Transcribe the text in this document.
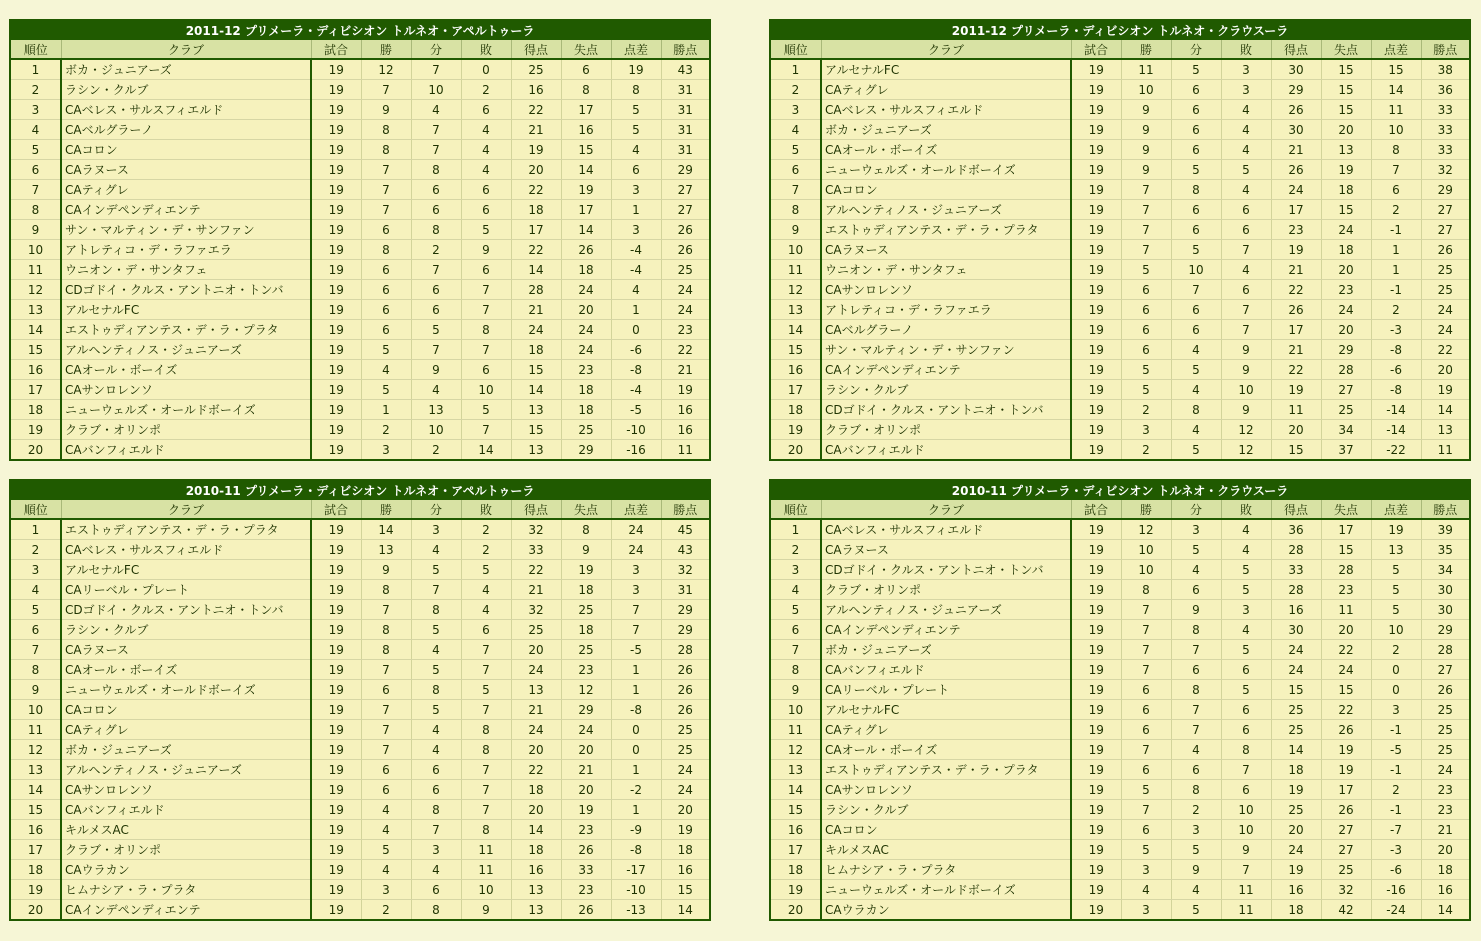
2011-12 プリメーラ・ディビシオン トルネオ・アペルトゥーラ									
順位	クラブ	試合	勝	分	敗	得点	失点	点差	勝点
1	ボカ・ジュニアーズ	19	12	7	0	25	6	19	43
2	ラシン・クルブ	19	7	10	2	16	8	8	31
3	CAベレス・サルスフィエルド	19	9	4	6	22	17	5	31
4	CAベルグラーノ	19	8	7	4	21	16	5	31
5	CAコロン	19	8	7	4	19	15	4	31
6	CAラヌース	19	7	8	4	20	14	6	29
7	CAティグレ	19	7	6	6	22	19	3	27
8	CAインデペンディエンテ	19	7	6	6	18	17	1	27
9	サン・マルティン・デ・サンファン	19	6	8	5	17	14	3	26
10	アトレティコ・デ・ラファエラ	19	8	2	9	22	26	-4	26
11	ウニオン・デ・サンタフェ	19	6	7	6	14	18	-4	25
12	CDゴドイ・クルス・アントニオ・トンバ	19	6	6	7	28	24	4	24
13	アルセナルFC	19	6	6	7	21	20	1	24
14	エストゥディアンテス・デ・ラ・プラタ	19	6	5	8	24	24	0	23
15	アルヘンティノス・ジュニアーズ	19	5	7	7	18	24	-6	22
16	CAオール・ボーイズ	19	4	9	6	15	23	-8	21
17	CAサンロレンソ	19	5	4	10	14	18	-4	19
18	ニューウェルズ・オールドボーイズ	19	1	13	5	13	18	-5	16
19	クラブ・オリンポ	19	2	10	7	15	25	-10	16
20	CAバンフィエルド	19	3	2	14	13	29	-16	11
2011-12 プリメーラ・ディビシオン トルネオ・クラウスーラ									
順位	クラブ	試合	勝	分	敗	得点	失点	点差	勝点
1	アルセナルFC	19	11	5	3	30	15	15	38
2	CAティグレ	19	10	6	3	29	15	14	36
3	CAベレス・サルスフィエルド	19	9	6	4	26	15	11	33
4	ボカ・ジュニアーズ	19	9	6	4	30	20	10	33
5	CAオール・ボーイズ	19	9	6	4	21	13	8	33
6	ニューウェルズ・オールドボーイズ	19	9	5	5	26	19	7	32
7	CAコロン	19	7	8	4	24	18	6	29
8	アルヘンティノス・ジュニアーズ	19	7	6	6	17	15	2	27
9	エストゥディアンテス・デ・ラ・プラタ	19	7	6	6	23	24	-1	27
10	CAラヌース	19	7	5	7	19	18	1	26
11	ウニオン・デ・サンタフェ	19	5	10	4	21	20	1	25
12	CAサンロレンソ	19	6	7	6	22	23	-1	25
13	アトレティコ・デ・ラファエラ	19	6	6	7	26	24	2	24
14	CAベルグラーノ	19	6	6	7	17	20	-3	24
15	サン・マルティン・デ・サンファン	19	6	4	9	21	29	-8	22
16	CAインデペンディエンテ	19	5	5	9	22	28	-6	20
17	ラシン・クルブ	19	5	4	10	19	27	-8	19
18	CDゴドイ・クルス・アントニオ・トンバ	19	2	8	9	11	25	-14	14
19	クラブ・オリンポ	19	3	4	12	20	34	-14	13
20	CAバンフィエルド	19	2	5	12	15	37	-22	11
2010-11 プリメーラ・ディビシオン トルネオ・アペルトゥーラ									
順位	クラブ	試合	勝	分	敗	得点	失点	点差	勝点
1	エストゥディアンテス・デ・ラ・プラタ	19	14	3	2	32	8	24	45
2	CAベレス・サルスフィエルド	19	13	4	2	33	9	24	43
3	アルセナルFC	19	9	5	5	22	19	3	32
4	CAリーベル・プレート	19	8	7	4	21	18	3	31
5	CDゴドイ・クルス・アントニオ・トンバ	19	7	8	4	32	25	7	29
6	ラシン・クルブ	19	8	5	6	25	18	7	29
7	CAラヌース	19	8	4	7	20	25	-5	28
8	CAオール・ボーイズ	19	7	5	7	24	23	1	26
9	ニューウェルズ・オールドボーイズ	19	6	8	5	13	12	1	26
10	CAコロン	19	7	5	7	21	29	-8	26
11	CAティグレ	19	7	4	8	24	24	0	25
12	ボカ・ジュニアーズ	19	7	4	8	20	20	0	25
13	アルヘンティノス・ジュニアーズ	19	6	6	7	22	21	1	24
14	CAサンロレンソ	19	6	6	7	18	20	-2	24
15	CAバンフィエルド	19	4	8	7	20	19	1	20
16	キルメスAC	19	4	7	8	14	23	-9	19
17	クラブ・オリンポ	19	5	3	11	18	26	-8	18
18	CAウラカン	19	4	4	11	16	33	-17	16
19	ヒムナシア・ラ・プラタ	19	3	6	10	13	23	-10	15
20	CAインデペンディエンテ	19	2	8	9	13	26	-13	14
2010-11 プリメーラ・ディビシオン トルネオ・クラウスーラ									
順位	クラブ	試合	勝	分	敗	得点	失点	点差	勝点
1	CAベレス・サルスフィエルド	19	12	3	4	36	17	19	39
2	CAラヌース	19	10	5	4	28	15	13	35
3	CDゴドイ・クルス・アントニオ・トンバ	19	10	4	5	33	28	5	34
4	クラブ・オリンポ	19	8	6	5	28	23	5	30
5	アルヘンティノス・ジュニアーズ	19	7	9	3	16	11	5	30
6	CAインデペンディエンテ	19	7	8	4	30	20	10	29
7	ボカ・ジュニアーズ	19	7	7	5	24	22	2	28
8	CAバンフィエルド	19	7	6	6	24	24	0	27
9	CAリーベル・プレート	19	6	8	5	15	15	0	26
10	アルセナルFC	19	6	7	6	25	22	3	25
11	CAティグレ	19	6	7	6	25	26	-1	25
12	CAオール・ボーイズ	19	7	4	8	14	19	-5	25
13	エストゥディアンテス・デ・ラ・プラタ	19	6	6	7	18	19	-1	24
14	CAサンロレンソ	19	5	8	6	19	17	2	23
15	ラシン・クルブ	19	7	2	10	25	26	-1	23
16	CAコロン	19	6	3	10	20	27	-7	21
17	キルメスAC	19	5	5	9	24	27	-3	20
18	ヒムナシア・ラ・プラタ	19	3	9	7	19	25	-6	18
19	ニューウェルズ・オールドボーイズ	19	4	4	11	16	32	-16	16
20	CAウラカン	19	3	5	11	18	42	-24	14
